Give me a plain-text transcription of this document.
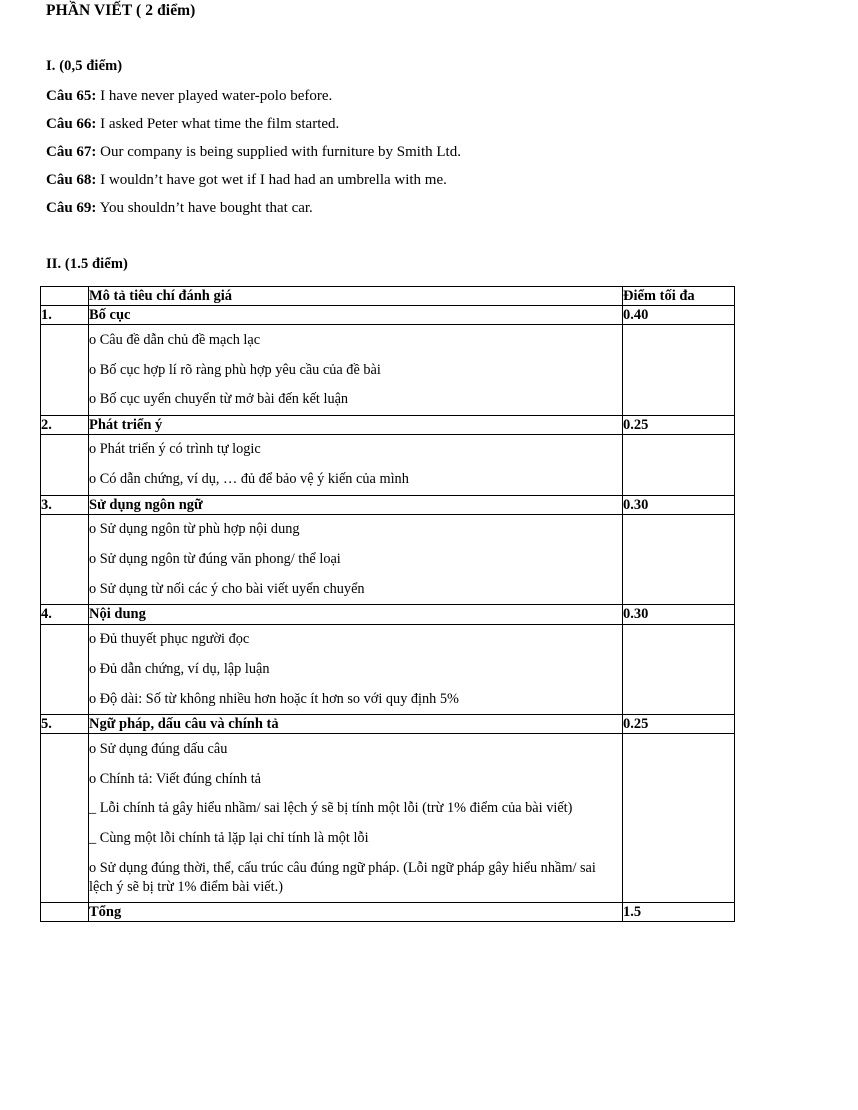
PHẦN VIẾT ( 2 điểm)
I. (0,5 điểm)
Câu 65: I have never played water-polo before.
Câu 66: I asked Peter what time the film started.
Câu 67: Our company is being supplied with furniture by Smith Ltd.
Câu 68: I wouldn’t have got wet if I had had an umbrella with me.
Câu 69: You shouldn’t have bought that car.
II. (1.5 điểm)
	Mô tả tiêu chí đánh giá	Điểm tối đa
1.	Bố cục	0.40

	o Câu đề dẫn chủ đề mạch lạc
o Bố cục hợp lí rõ ràng phù hợp yêu cầu của đề bài
o Bố cục uyển chuyển từ mở bài đến kết luận	

2.	Phát triển ý	0.25

	o Phát triển ý có trình tự logic
o Có dẫn chứng, ví dụ, … đủ để bảo vệ ý kiến của mình	

3.	Sử dụng ngôn ngữ	0.30

	o Sử dụng ngôn từ phù hợp nội dung
o Sử dụng ngôn từ đúng văn phong/ thể loại
o Sử dụng từ nối các ý cho bài viết uyển chuyển	

4.	Nội dung	0.30

	o Đủ thuyết phục người đọc
o Đủ dẫn chứng, ví dụ, lập luận
o Độ dài: Số từ không nhiều hơn hoặc ít hơn so với quy định 5%	

5.	Ngữ pháp, dấu câu và chính tả	0.25

	o Sử dụng đúng dấu câu
o Chính tả: Viết đúng chính tả
_ Lỗi chính tả gây hiểu nhầm/ sai lệch ý sẽ bị tính một lỗi (trừ 1% điểm của bài viết)
_ Cùng một lỗi chính tả lặp lại chỉ tính là một lỗi
o Sử dụng đúng thời, thể, cấu trúc câu đúng ngữ pháp. (Lỗi ngữ pháp gây hiểu nhầm/ sai lệch ý sẽ bị trừ 1% điểm bài viết.)	

	Tổng	1.5
